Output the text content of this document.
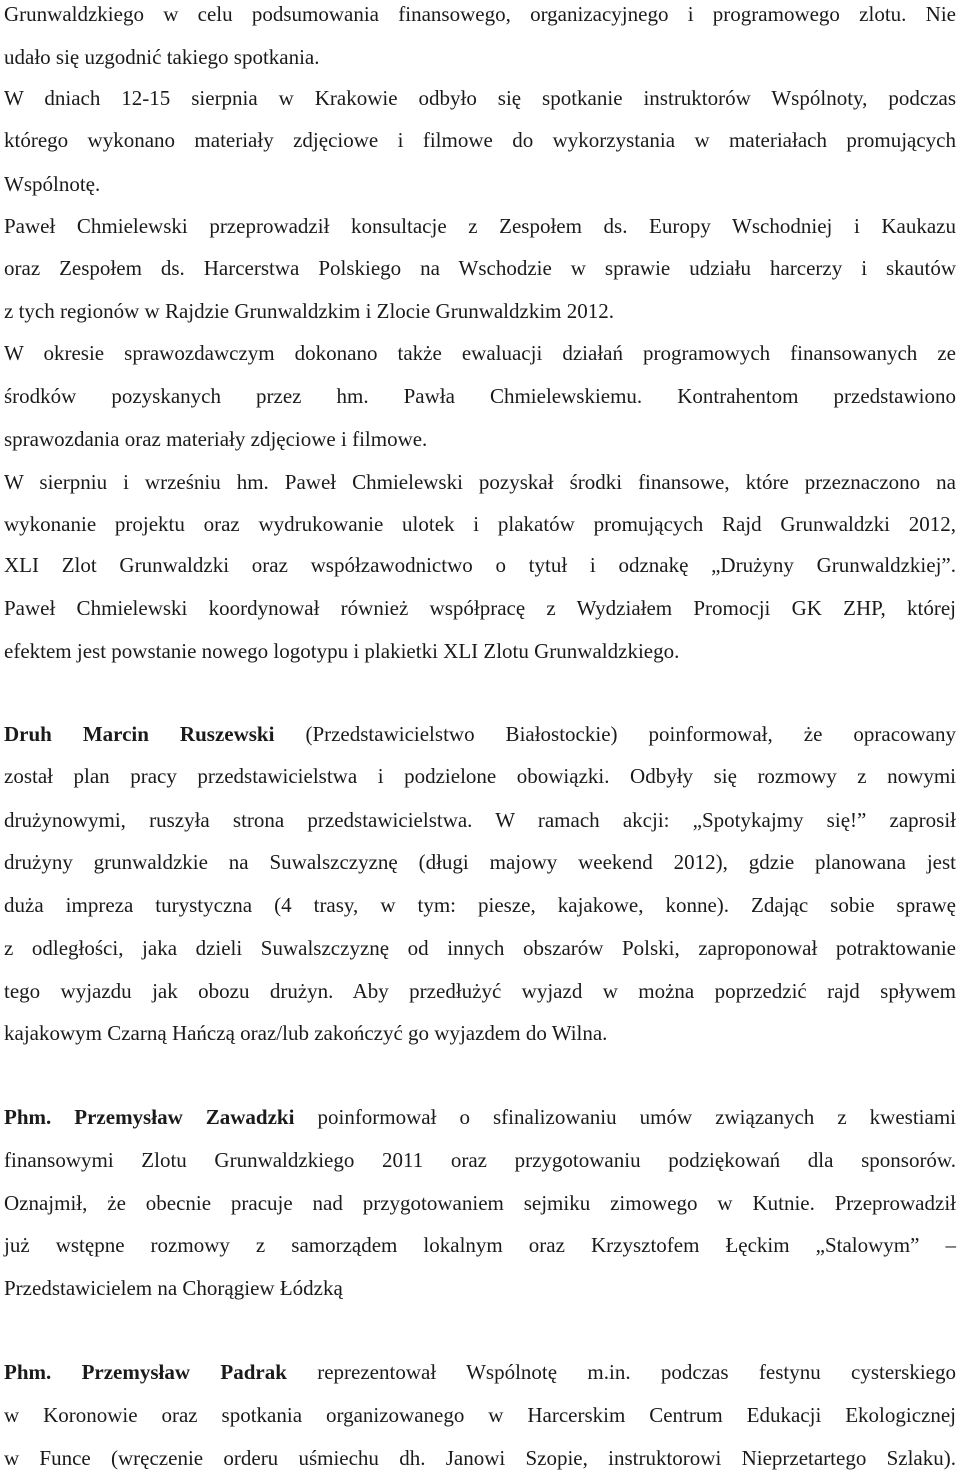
Grunwaldzkiego w celu podsumowania finansowego, organizacyjnego i programowego zlotu. Nie
udało się uzgodnić takiego spotkania.
W dniach 12-15 sierpnia w Krakowie odbyło się spotkanie instruktorów Wspólnoty, podczas
którego wykonano materiały zdjęciowe i filmowe do wykorzystania w materiałach promujących
Wspólnotę.
Paweł Chmielewski przeprowadził konsultacje z Zespołem ds. Europy Wschodniej i Kaukazu
oraz Zespołem ds. Harcerstwa Polskiego na Wschodzie w sprawie udziału harcerzy i skautów
z tych regionów w Rajdzie Grunwaldzkim i Zlocie Grunwaldzkim 2012.
W okresie sprawozdawczym dokonano także ewaluacji działań programowych finansowanych ze
środków pozyskanych przez hm. Pawła Chmielewskiemu. Kontrahentom przedstawiono
sprawozdania oraz materiały zdjęciowe i filmowe.
W sierpniu i wrześniu hm. Paweł Chmielewski pozyskał środki finansowe, które przeznaczono na
wykonanie projektu oraz wydrukowanie ulotek i plakatów promujących Rajd Grunwaldzki 2012,
XLI Zlot Grunwaldzki oraz współzawodnictwo o tytuł i odznakę „Drużyny Grunwaldzkiej”.
Paweł Chmielewski koordynował również współpracę z Wydziałem Promocji GK ZHP, której
efektem jest powstanie nowego logotypu i plakietki XLI Zlotu Grunwaldzkiego.
Druh Marcin Ruszewski (Przedstawicielstwo Białostockie) poinformował, że opracowany
został plan pracy przedstawicielstwa i podzielone obowiązki. Odbyły się rozmowy z nowymi
drużynowymi, ruszyła strona przedstawicielstwa. W ramach akcji: „Spotykajmy się!” zaprosił
drużyny grunwaldzkie na Suwalszczyznę (długi majowy weekend 2012), gdzie planowana jest
duża impreza turystyczna (4 trasy, w tym: piesze, kajakowe, konne). Zdając sobie sprawę
z odległości, jaka dzieli Suwalszczyznę od innych obszarów Polski, zaproponował potraktowanie
tego wyjazdu jak obozu drużyn. Aby przedłużyć wyjazd w można poprzedzić rajd spływem
kajakowym Czarną Hańczą oraz/lub zakończyć go wyjazdem do Wilna.
Phm. Przemysław Zawadzki poinformował o sfinalizowaniu umów związanych z kwestiami
finansowymi Zlotu Grunwaldzkiego 2011 oraz przygotowaniu podziękowań dla sponsorów.
Oznajmił, że obecnie pracuje nad przygotowaniem sejmiku zimowego w Kutnie. Przeprowadził
już wstępne rozmowy z samorządem lokalnym oraz Krzysztofem Łęckim „Stalowym” –
Przedstawicielem na Chorągiew Łódzką
Phm. Przemysław Padrak reprezentował Wspólnotę m.in. podczas festynu cysterskiego
w Koronowie oraz spotkania organizowanego w Harcerskim Centrum Edukacji Ekologicznej
w Funce (wręczenie orderu uśmiechu dh. Janowi Szopie, instruktorowi Nieprzetartego Szlaku).
